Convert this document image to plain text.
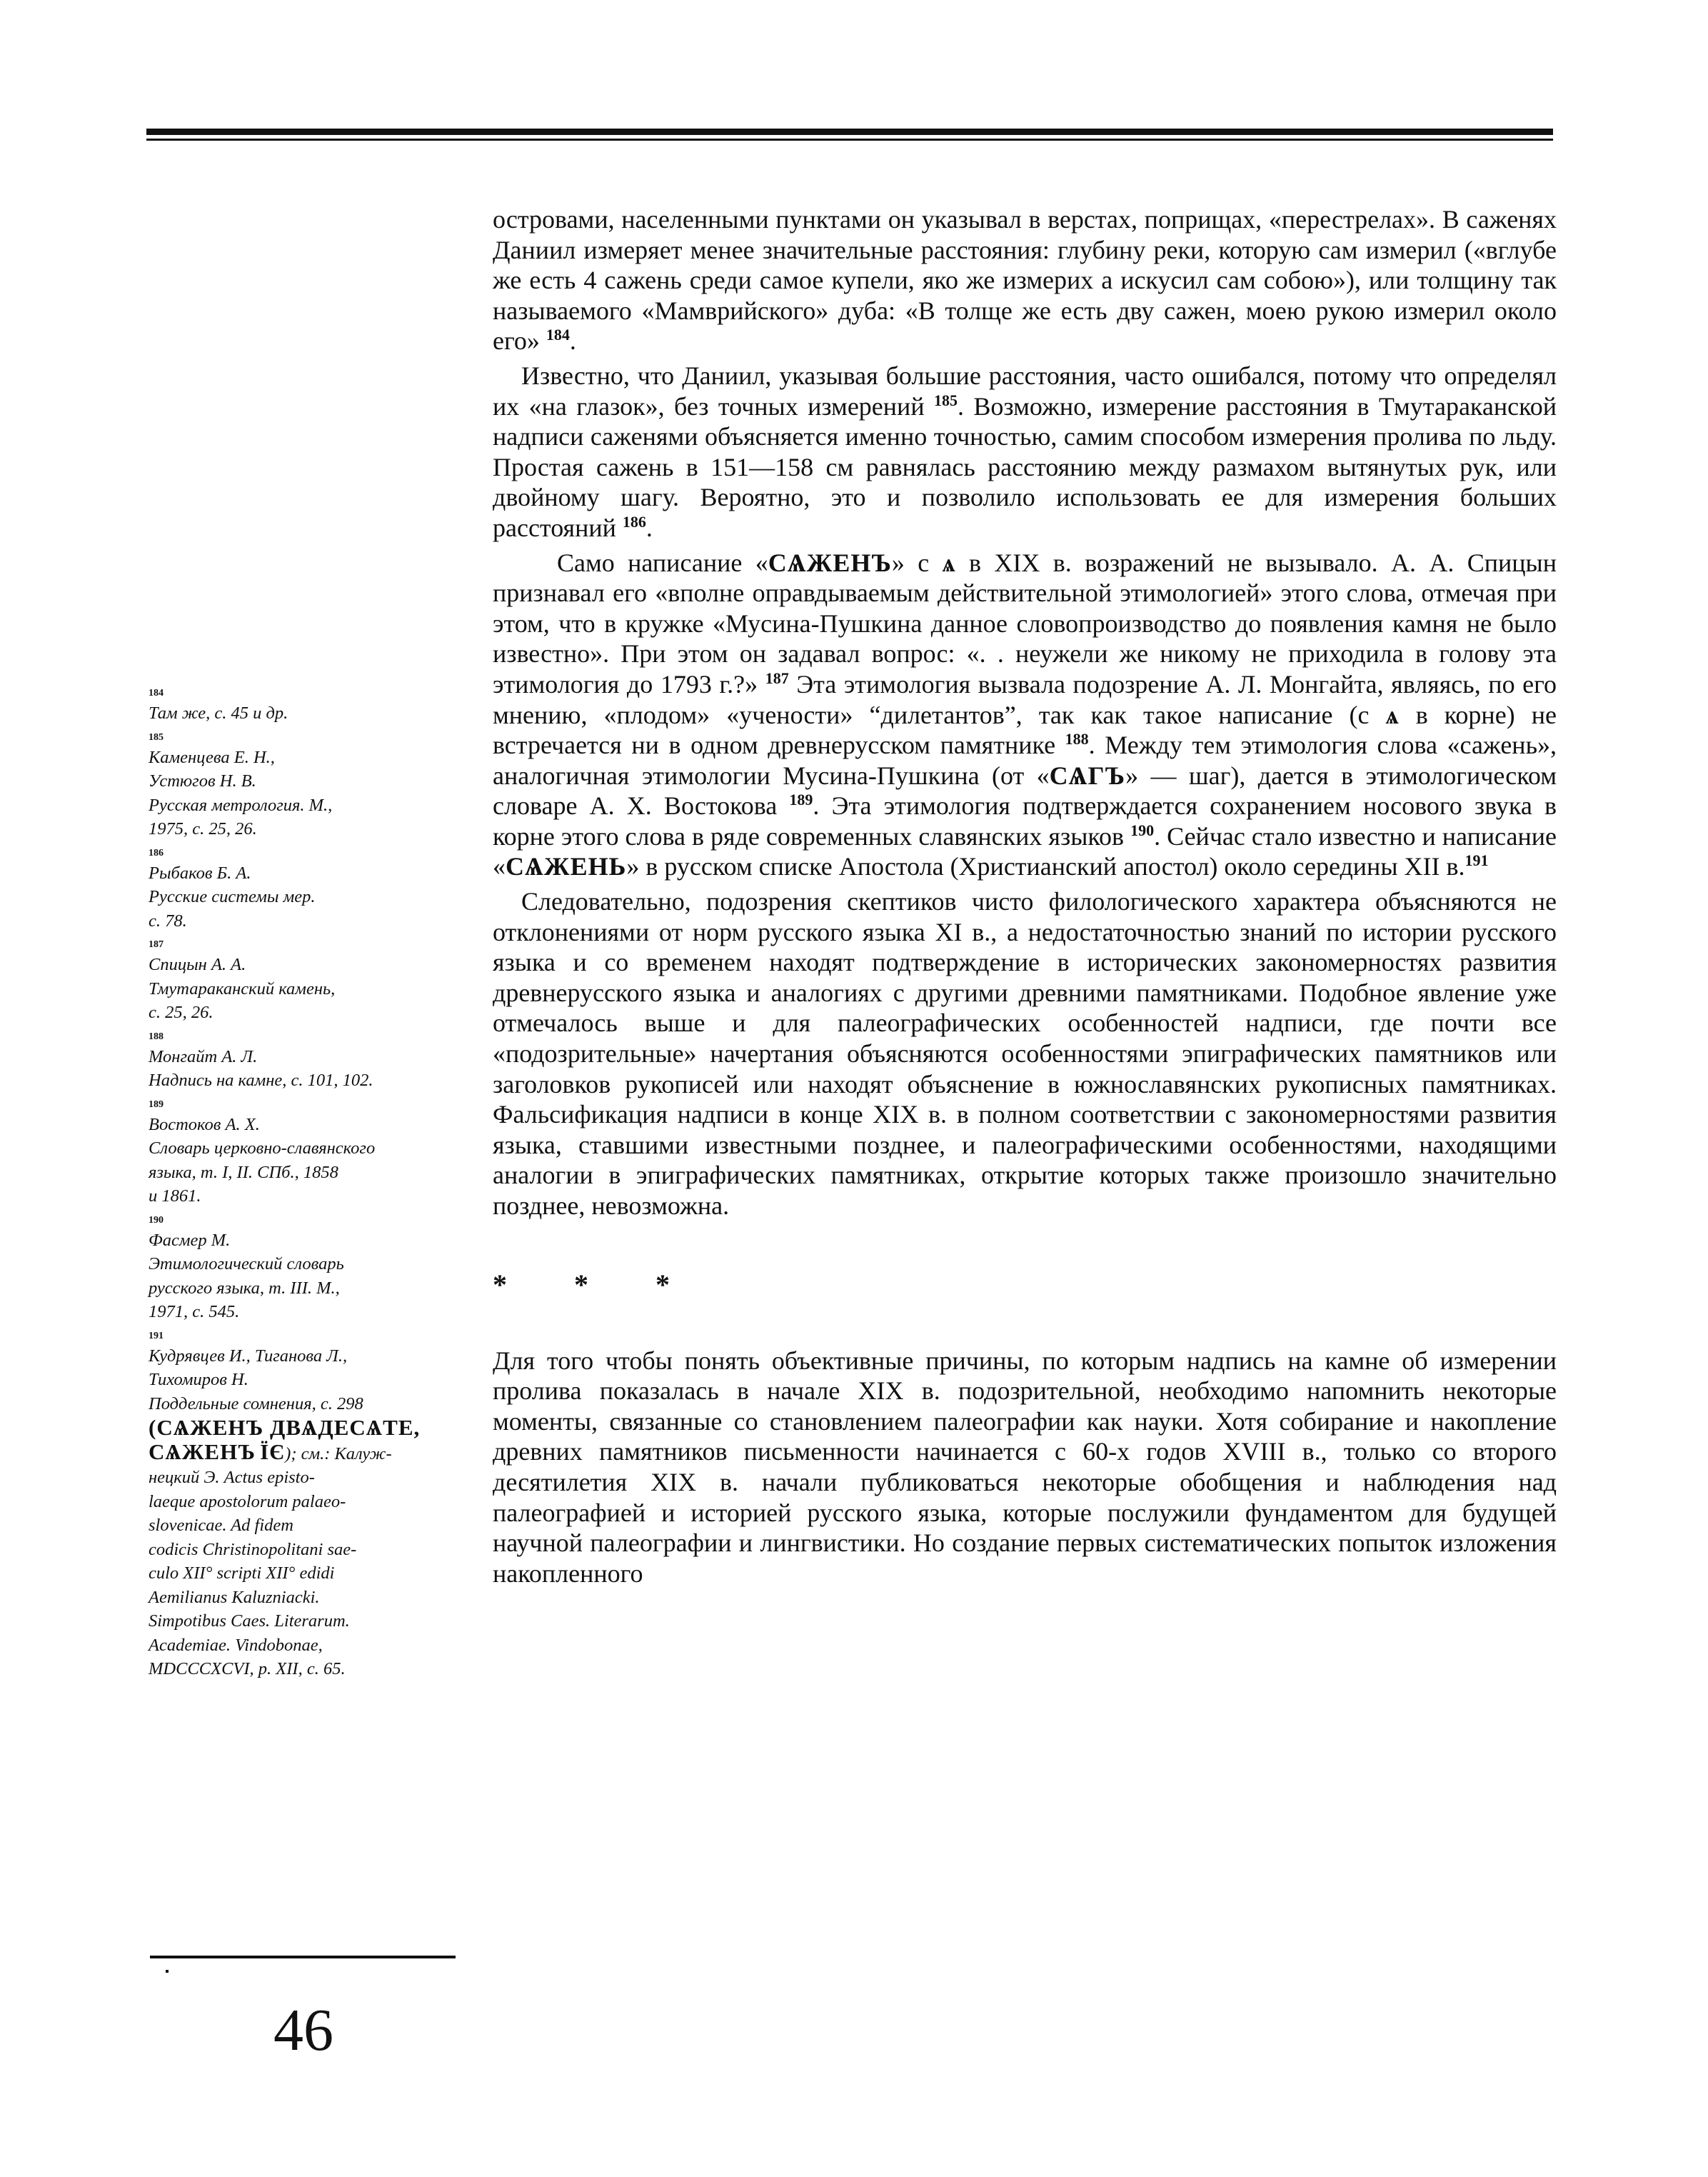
островами, населенными пунктами он указывал в верстах, поприщах, «перестрелах». В саженях Даниил измеряет менее значительные расстояния: глубину реки, которую сам измерил («вглубе же есть 4 сажень среди самое купели, яко же измерих а искусил сам собою»), или толщину так называемого «Мамврийского» дуба: «В толще же есть дву сажен, моею рукою измерил около его» $^{184}$.

Известно, что Даниил, указывая большие расстояния, часто ошибался, потому что определял их «на глазок», без точных измерений $^{185}$. Возможно, измерение расстояния в Тмутараканской надписи саженями объясняется именно точностью, самим способом измерения пролива по льду. Простая сажень в 151—158 см равнялась расстоянию между размахом вытянутых рук, или двойному шагу. Вероятно, это и позволило использовать ее для измерения больших расстояний $^{186}$.

Само написание «СѦЖЕНЪ» с ѧ в XIX в. возражений не вызывало. А. А. Спицын признавал его «вполне оправдываемым действительной этимологией» этого слова, отмечая при этом, что в кружке «Мусина-Пушкина данное словопроизводство до появления камня не было известно». При этом он задавал вопрос: «. . неужели же никому не приходила в голову эта этимология до 1793 г.?» $^{187}$ Эта этимология вызвала подозрение А. Л. Монгайта, являясь, по его мнению, «плодом» «учености» “дилетантов”, так как такое написание (с ѧ в корне) не встречается ни в одном древнерусском памятнике $^{188}$. Между тем этимология слова «сажень», аналогичная этимологии Мусина-Пушкина (от «СѦГЪ» — шаг), дается в этимологическом словаре А. Х. Востокова $^{189}$. Эта этимология подтверждается сохранением носового звука в корне этого слова в ряде современных славянских языков $^{190}$. Сейчас стало известно и написание «СѦЖЕНЬ» в русском списке Апостола (Христианский апостол) около середины XII в.$^{191}$

Следовательно, подозрения скептиков чисто филологического характера объясняются не отклонениями от норм русского языка XI в., а недостаточностью знаний по истории русского языка и со временем находят подтверждение в исторических закономерностях развития древнерусского языка и аналогиях с другими древними памятниками. Подобное явление уже отмечалось выше и для палеографических особенностей надписи, где почти все «подозрительные» начертания объясняются особенностями эпиграфических памятников или заголовков рукописей или находят объяснение в южнославянских рукописных памятниках. Фальсификация надписи в конце XIX в. в полном соответствии с закономерностями развития языка, ставшими известными позднее, и палеографическими особенностями, находящими аналогии в эпиграфических памятниках, открытие которых также произошло значительно позднее, невозможна.

* * *

Для того чтобы понять объективные причины, по которым надпись на камне об измерении пролива показалась в начале XIX в. подозрительной, необходимо напомнить некоторые моменты, связанные со становлением палеографии как науки. Хотя собирание и накопление древних памятников письменности начинается с 60-х годов XVIII в., только со второго десятилетия XIX в. начали публиковаться некоторые обобщения и наблюдения над палеографией и историей русского языка, которые послужили фундаментом для будущей научной палеографии и лингвистики. Но создание первых систематических попыток изложения накопленного

184
Там же, с. 45 и др.
185
Каменцева Е. Н.,
Устюгов Н. В.
Русская метрология. М.,
1975, с. 25, 26.
186
Рыбаков Б. А.
Русские системы мер.
с. 78.
187
Спицын А. А.
Тмутараканский камень,
с. 25, 26.
188
Монгайт А. Л.
Надпись на камне, с. 101, 102.
189
Востоков А. Х.
Словарь церковно-славянского
языка, т. I, II. СПб., 1858
и 1861.
190
Фасмер М.
Этимологический словарь
русского языка, т. III. М.,
1971, с. 545.
191
Кудрявцев И., Тиганова Л.,
Тихомиров Н.
Поддельные сомнения, с. 298
(СѦЖЕНЪ ДВѦДЕСѦТЕ,
СѦЖЕНЪ ЇЄ); см.: Калуж-
нецкий Э. Actus episto-
laeque apostolorum palaeo-
slovenicae. Ad fidem
codicis Christinopolitani sae-
culo XII° scripti XII° edidi
Aemilianus Kaluzniacki.
Simpotibus Caes. Literarum.
Academiae. Vindobonae,
MDCCCXCVI, p. XII, c. 65.
46
